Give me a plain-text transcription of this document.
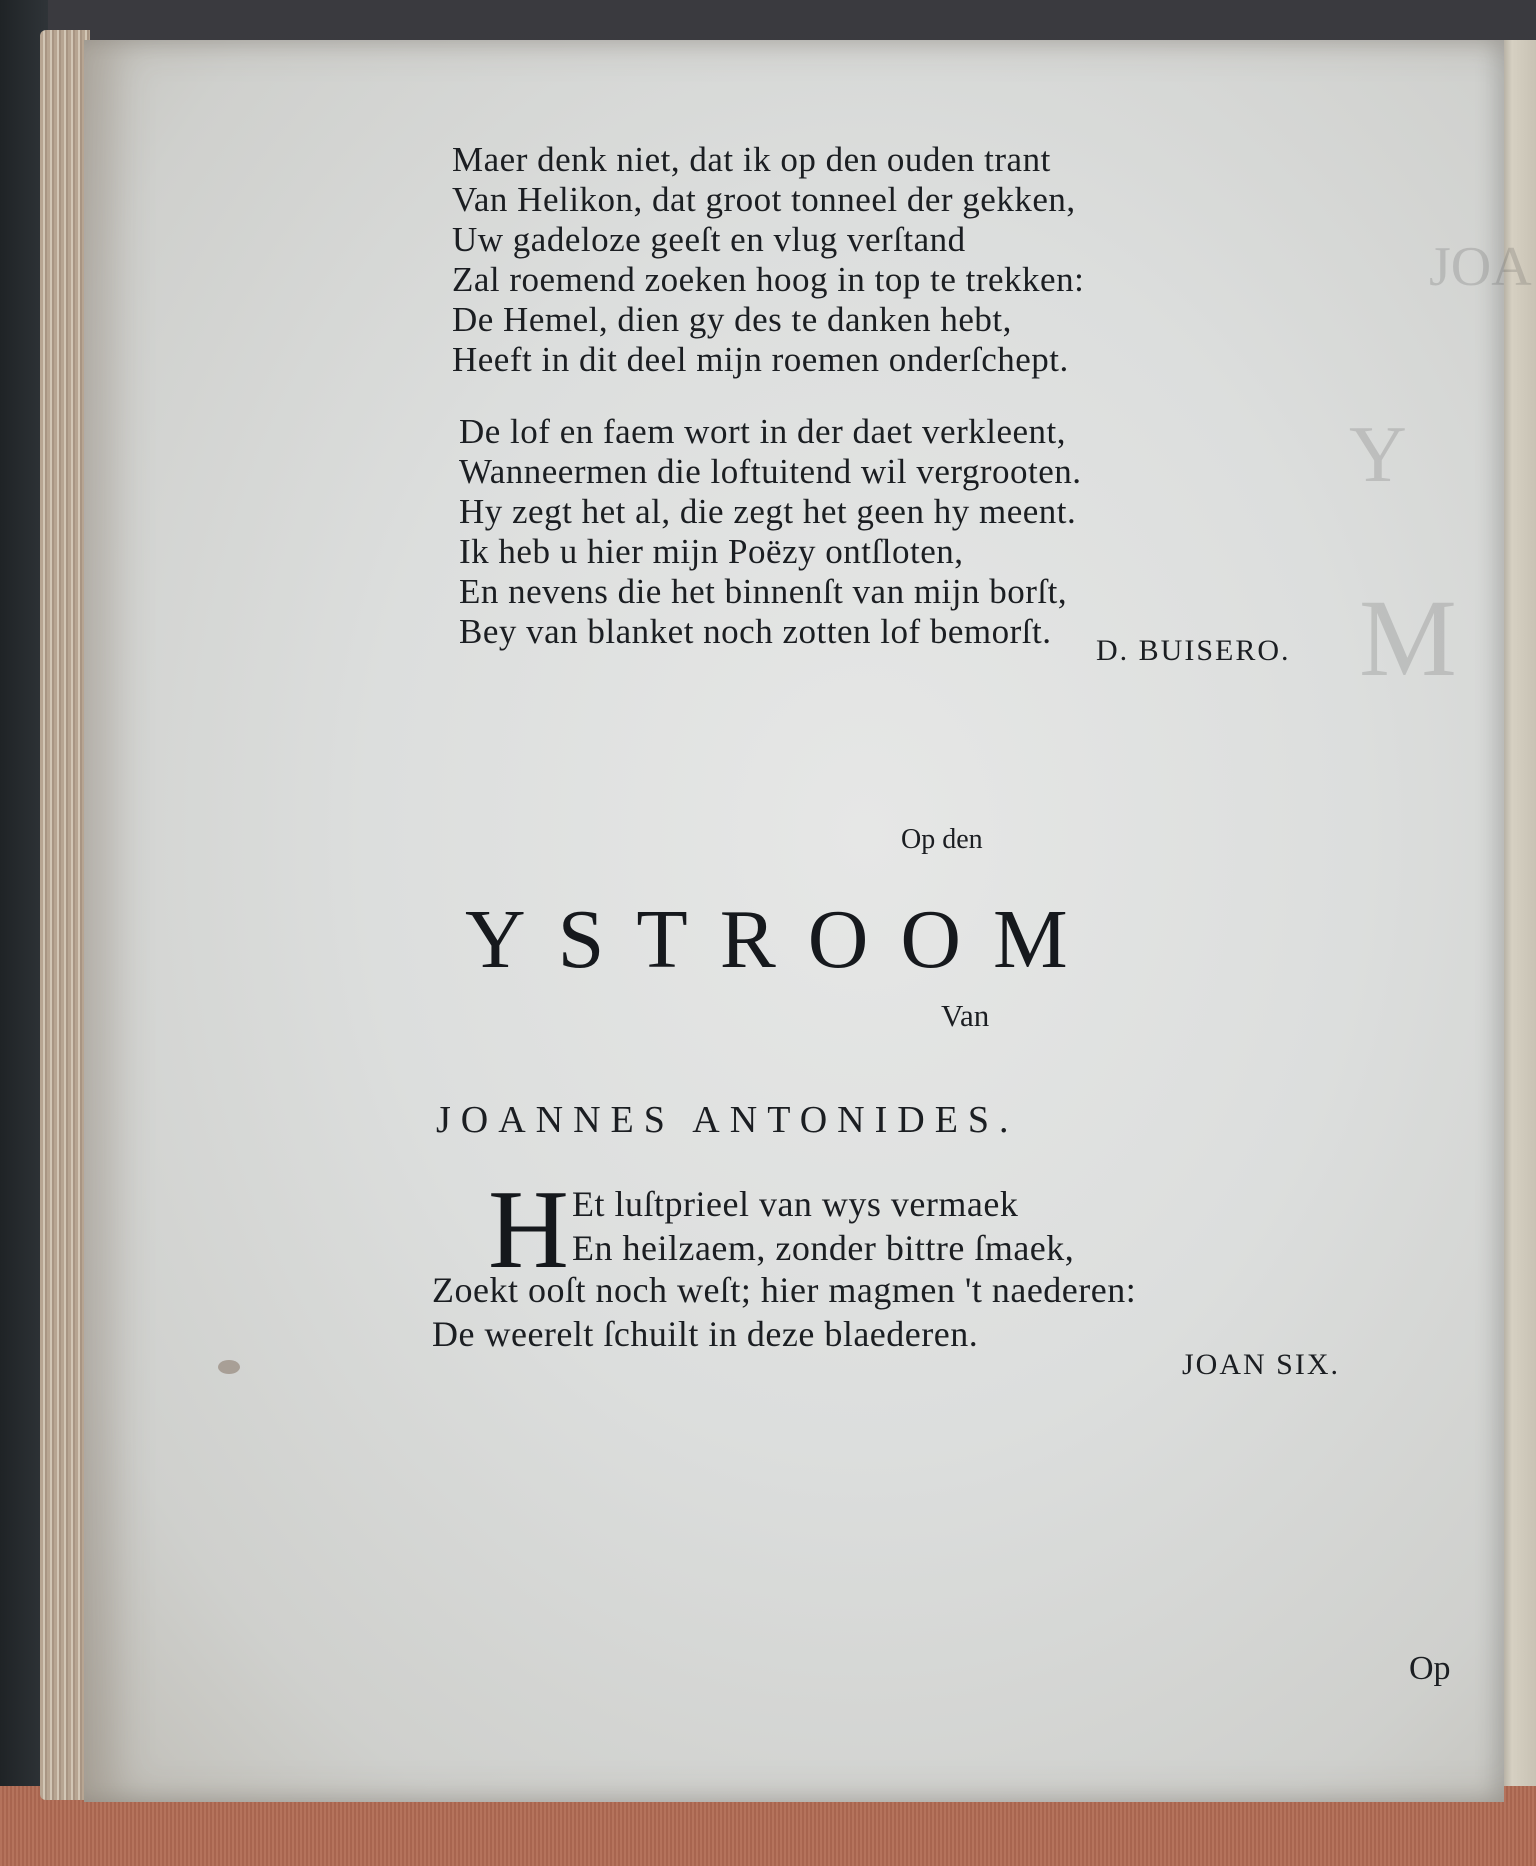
JOA
Y
M
Maer denk niet, dat ik op den ouden trant
Van Helikon, dat groot tonneel der gekken,
Uw gadeloze geeſt en vlug verſtand
Zal roemend zoeken hoog in top te trekken:
De Hemel, dien gy des te danken hebt,
Heeft in dit deel mijn roemen onderſchept.
De lof en faem wort in der daet verkleent,
Wanneermen die loftuitend wil vergrooten.
Hy zegt het al, die zegt het geen hy meent.
Ik heb u hier mijn Poëzy ontſloten,
En nevens die het binnenſt van mijn borſt,
Bey van blanket noch zotten lof bemorſt.	D. BUISERO.
Op den
YSTROOM
Van
JOANNES ANTONIDES.
H Et luſtprieel van wys vermaek
En heilzaem, zonder bittre ſmaek,
Zoekt ooſt noch weſt; hier magmen 't naederen:
De weerelt ſchuilt in deze blaederen.
JOAN SIX.
Op
